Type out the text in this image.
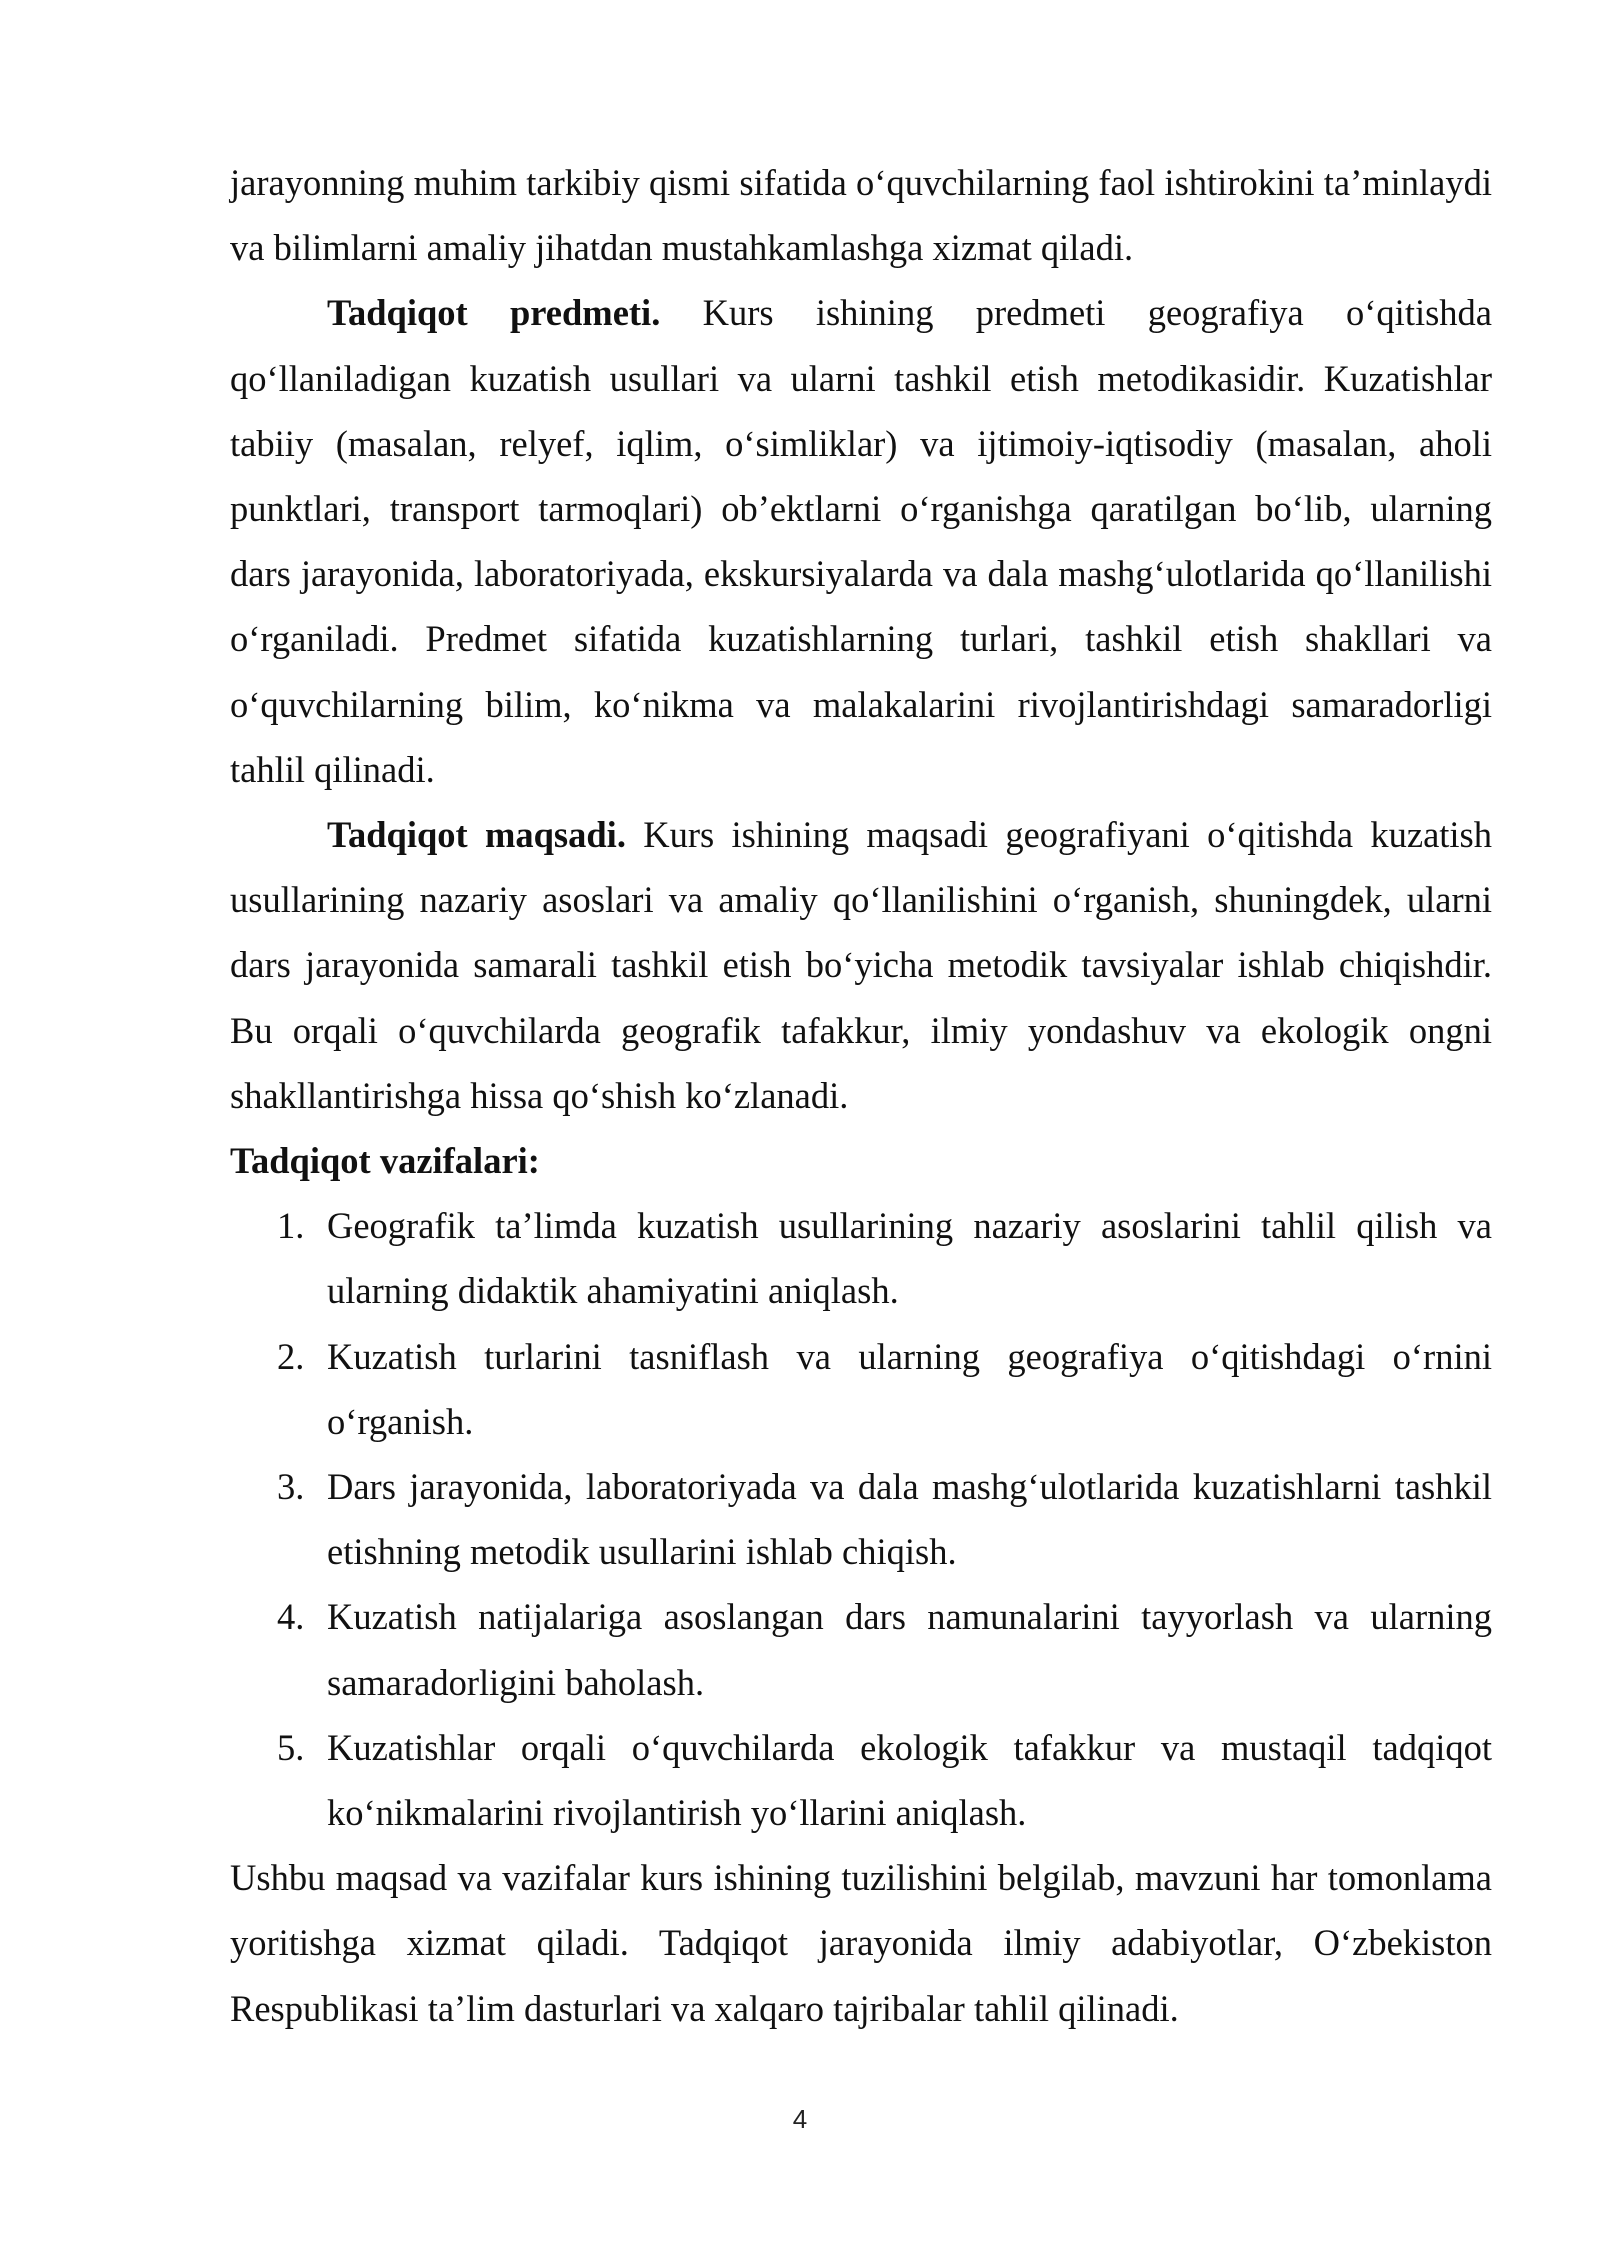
jarayonning muhim tarkibiy qismi sifatida o‘quvchilarning faol ishtirokini ta’minlaydi va bilimlarni amaliy jihatdan mustahkamlashga xizmat qiladi.

Tadqiqot predmeti. Kurs ishining predmeti geografiya o‘qitishda qo‘llaniladigan kuzatish usullari va ularni tashkil etish metodikasidir. Kuzatishlar tabiiy (masalan, relyef, iqlim, o‘simliklar) va ijtimoiy-iqtisodiy (masalan, aholi punktlari, transport tarmoqlari) ob’ektlarni o‘rganishga qaratilgan bo‘lib, ularning dars jarayonida, laboratoriyada, ekskursiyalarda va dala mashg‘ulotlarida qo‘llanilishi o‘rganiladi. Predmet sifatida kuzatishlarning turlari, tashkil etish shakllari va o‘quvchilarning bilim, ko‘nikma va malakalarini rivojlantirishdagi samaradorligi tahlil qilinadi.

Tadqiqot maqsadi. Kurs ishining maqsadi geografiyani o‘qitishda kuzatish usullarining nazariy asoslari va amaliy qo‘llanilishini o‘rganish, shuningdek, ularni dars jarayonida samarali tashkil etish bo‘yicha metodik tavsiyalar ishlab chiqishdir. Bu orqali o‘quvchilarda geografik tafakkur, ilmiy yondashuv va ekologik ongni shakllantirishga hissa qo‘shish ko‘zlanadi.

Tadqiqot vazifalari:

1. Geografik ta’limda kuzatish usullarining nazariy asoslarini tahlil qilish va ularning didaktik ahamiyatini aniqlash.
2. Kuzatish turlarini tasniflash va ularning geografiya o‘qitishdagi o‘rnini o‘rganish.
3. Dars jarayonida, laboratoriyada va dala mashg‘ulotlarida kuzatishlarni tashkil etishning metodik usullarini ishlab chiqish.
4. Kuzatish natijalariga asoslangan dars namunalarini tayyorlash va ularning samaradorligini baholash.
5. Kuzatishlar orqali o‘quvchilarda ekologik tafakkur va mustaqil tadqiqot ko‘nikmalarini rivojlantirish yo‘llarini aniqlash.

Ushbu maqsad va vazifalar kurs ishining tuzilishini belgilab, mavzuni har tomonlama yoritishga xizmat qiladi. Tadqiqot jarayonida ilmiy adabiyotlar, O‘zbekiston Respublikasi ta’lim dasturlari va xalqaro tajribalar tahlil qilinadi.

4
